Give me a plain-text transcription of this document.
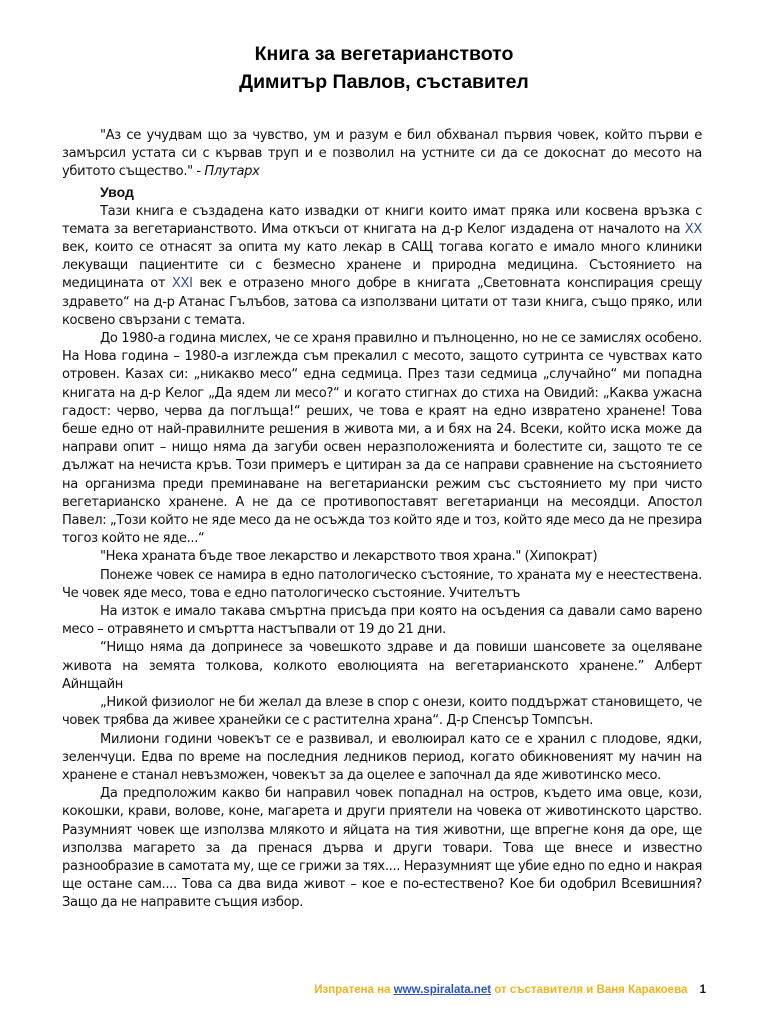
Книга за вегетарианството
Димитър Павлов, съставител

"Аз се учудвам що за чувство, ум и разум е бил обхванал първия човек, който първи е замърсил устата си с кървав труп и е позволил на устните си да се докоснат до месото на убитото същество." - Плутарх

Увод

Тази книга е създадена като извадки от книги които имат пряка или косвена връзка с темата за вегетарианството. Има откъси от книгата на д-р Келог издадена от началото на XX век, които се отнасят за опита му като лекар в САЩ тогава когато е имало много клиники лекуващи пациентите си с безмесно хранене и природна медицина. Състоянието на медицината от XXI век е отразено много добре в книгата „Световната конспирация срещу здравето“ на д-р Атанас Гълъбов, затова са използвани цитати от тази книга, също пряко, или косвено свързани с темата.

До 1980-а година мислех, че се храня правилно и пълноценно, но не се замислях особено. На Нова година – 1980-а изглежда съм прекалил с месото, защото сутринта се чувствах като отровен. Казах си: „никакво месо“ една седмица. През тази седмица „случайно“ ми попадна книгата на д-р Келог „Да ядем ли месо?“ и когато стигнах до стиха на Овидий: „Каква ужасна гадост: черво, черва да поглъща!“ реших, че това е краят на едно извратено хранене! Това беше едно от най-правилните решения в живота ми, а и бях на 24. Всеки, който иска може да направи опит – нищо няма да загуби освен неразположенията и болестите си, защото те се дължат на нечиста кръв. Този примеръ е цитиран за да се направи сравнение на състоянието на организма преди преминаване на вегетариански режим със състоянието му при чисто вегетарианско хранене. А не да се противопоставят вегетарианци на месоядци. Апостол Павел: „Този който не яде месо да не осъжда тоз който яде и тоз, който яде месо да не презира тогоз който не яде...“

"Нека храната бъде твое лекарство и лекарството твоя храна." (Хипократ)

Понеже човек се намира в едно патологическо състояние, то храната му е неестествена. Че човек яде месо, това е едно патологическо състояние. Учителътъ

На изток е имало такава смъртна присъда при която на осъдения са давали само варено месо – отравянето и смъртта настъпвали от 19 до 21 дни.

“Нищо няма да допринесе за човешкото здраве и да повиши шансовете за оцеляване живота на земята толкова, колкото еволюцията на вегетарианското хранене.” Алберт Айнщайн

„Никой физиолог не би желал да влезе в спор с онези, които поддържат становището, че човек трябва да живее хранейки се с растителна храна“. Д-р Спенсър Томпсън.

Милиони години човекът се е развивал, и еволюирал като се е хранил с плодове, ядки, зеленчуци. Едва по време на последния ледников период, когато обикновеният му начин на хранене е станал невъзможен, човекът за да оцелее е започнал да яде животинско месо.

Да предположим какво би направил човек попаднал на остров, където има овце, кози, кокошки, крави, волове, коне, магарета и други приятели на човека от животинското царство. Разумният човек ще използва млякото и яйцата на тия животни, ще впрегне коня да оре, ще използва магарето за да пренася дърва и други товари. Това ще внесе и известно разнообразие в самотата му, ще се грижи за тях.... Неразумният ще убие едно по едно и накрая ще остане сам.... Това са два вида живот – кое е по-естествено? Кое би одобрил Всевишния? Защо да не направите същия избор.

Изпратена на www.spiralata.net от съставителя и Ваня Каракоева 1
